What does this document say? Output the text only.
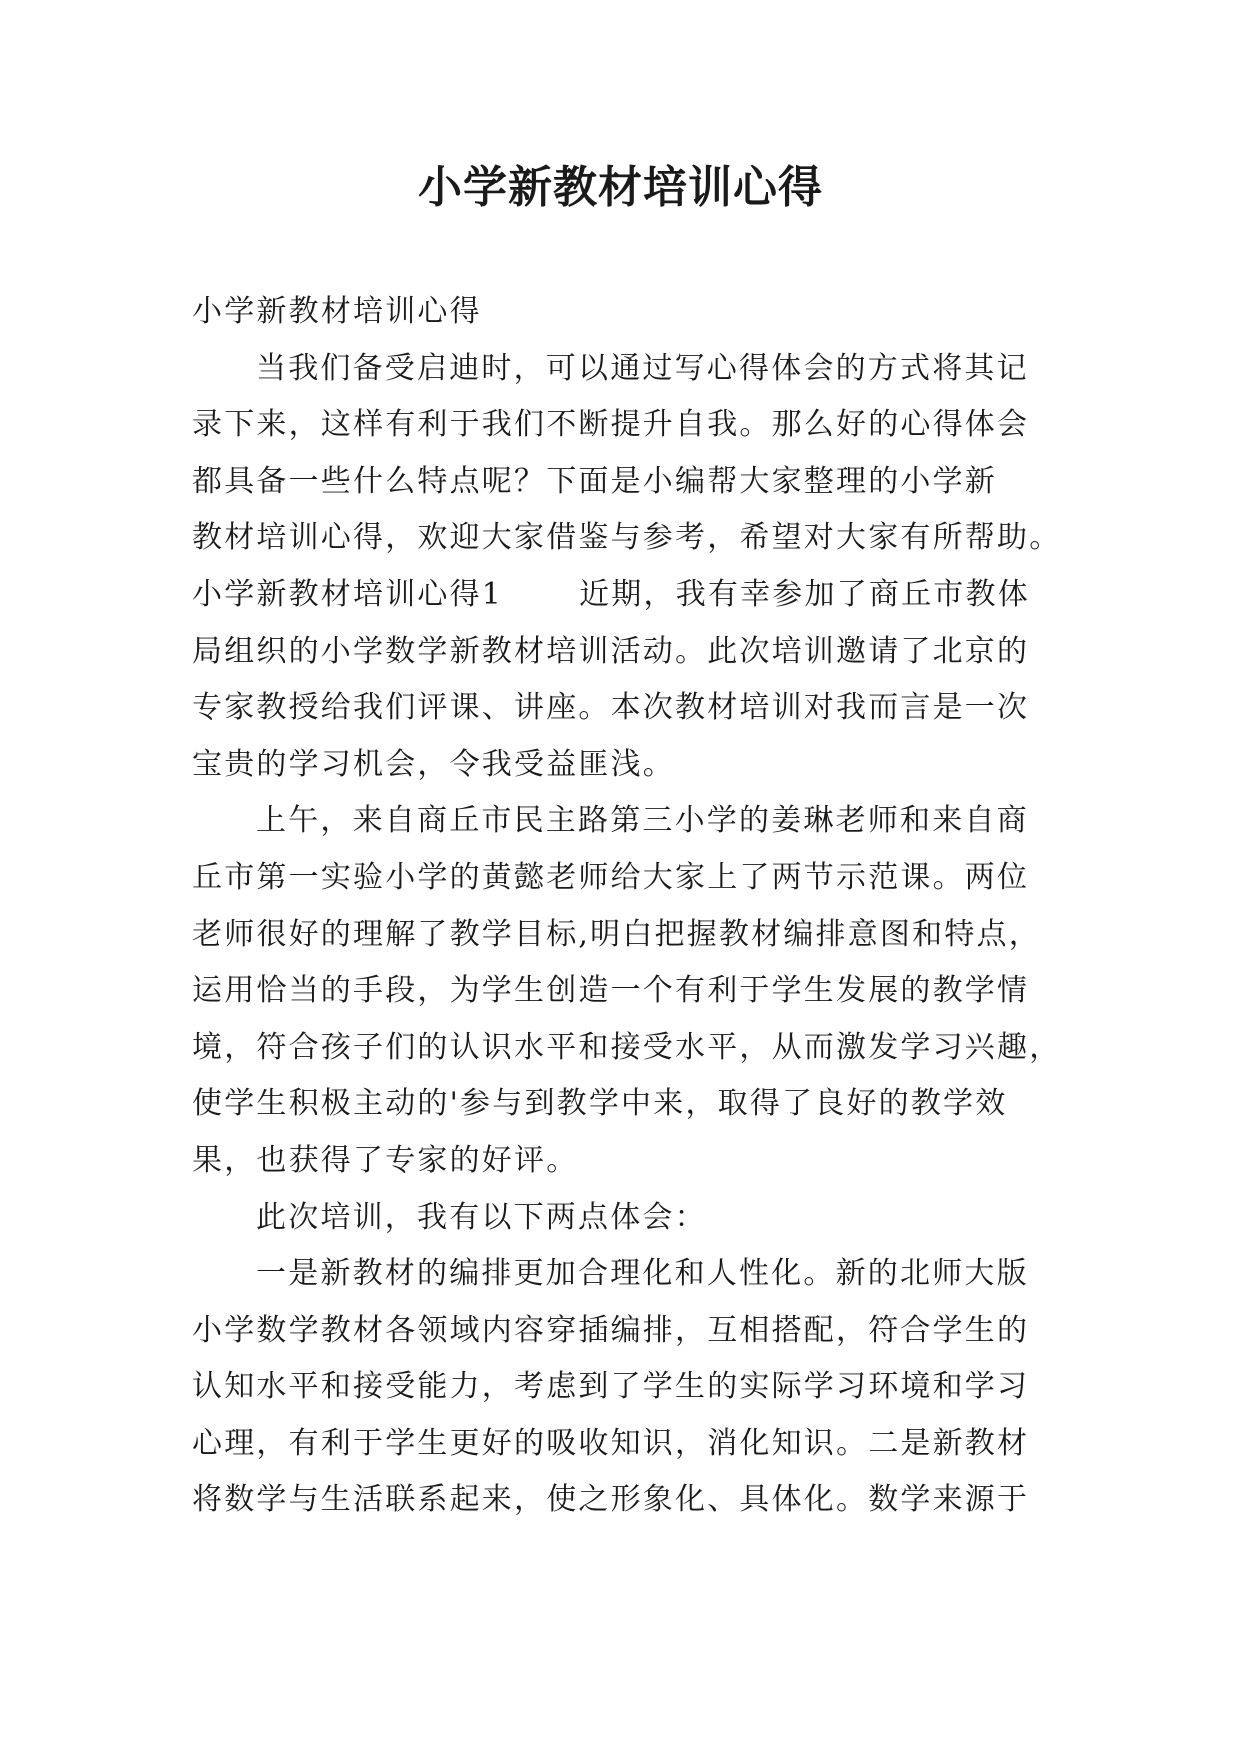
小学新教材培训心得
小学新教材培训心得
当我们备受启迪时，可以通过写心得体会的方式将其记
录下来，这样有利于我们不断提升自我。那么好的心得体会
都具备一些什么特点呢？下面是小编帮大家整理的小学新
教材培训心得，欢迎大家借鉴与参考，希望对大家有所帮助。
小学新教材培训心得1	近期，我有幸参加了商丘市教体
局组织的小学数学新教材培训活动。此次培训邀请了北京的
专家教授给我们评课、讲座。本次教材培训对我而言是一次
宝贵的学习机会，令我受益匪浅。
上午，来自商丘市民主路第三小学的姜琳老师和来自商
丘市第一实验小学的黄懿老师给大家上了两节示范课。两位
老师很好的理解了教学目标,明白把握教材编排意图和特点，
运用恰当的手段，为学生创造一个有利于学生发展的教学情
境，符合孩子们的认识水平和接受水平，从而激发学习兴趣，
使学生积极主动的'参与到教学中来，取得了良好的教学效
果，也获得了专家的好评。
此次培训，我有以下两点体会：
一是新教材的编排更加合理化和人性化。新的北师大版
小学数学教材各领域内容穿插编排，互相搭配，符合学生的
认知水平和接受能力，考虑到了学生的实际学习环境和学习
心理，有利于学生更好的吸收知识，消化知识。二是新教材
将数学与生活联系起来，使之形象化、具体化。数学来源于
